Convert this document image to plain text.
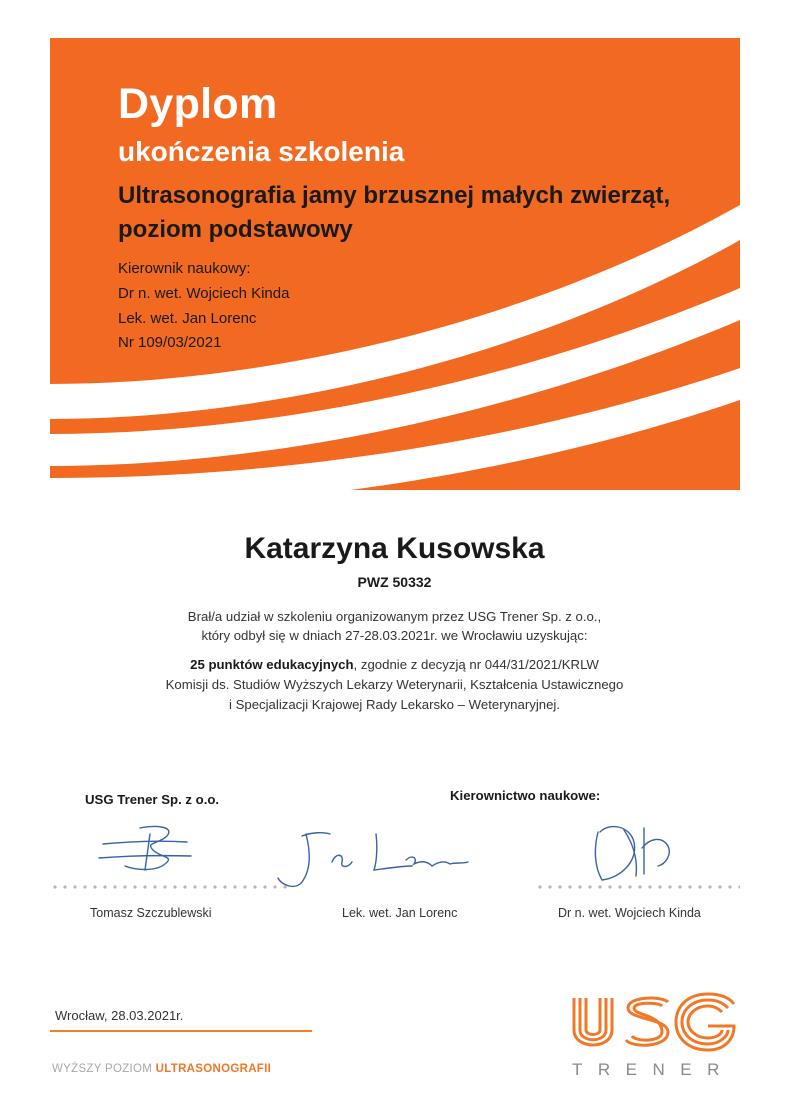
Dyplom
ukończenia szkolenia
Ultrasonografia jamy brzusznej małych zwierząt,
poziom podstawowy
Kierownik naukowy:
Dr n. wet. Wojciech Kinda
Lek. wet. Jan Lorenc
Nr 109/03/2021
Katarzyna Kusowska
PWZ 50332
Brał/a udział w szkoleniu organizowanym przez USG Trener Sp. z o.o.,
który odbył się w dniach 27-28.03.2021r. we Wrocławiu uzyskując:
25 punktów edukacyjnych, zgodnie z decyzją nr 044/31/2021/KRLW
Komisji ds. Studiów Wyższych Lekarzy Weterynarii, Kształcenia Ustawicznego
i Specjalizacji Krajowej Rady Lekarsko – Weterynaryjnej.
USG Trener Sp. z o.o.	Kierownictwo naukowe:
Tomasz Szczublewski	Lek. wet. Jan Lorenc	Dr n. wet. Wojciech Kinda
Wrocław, 28.03.2021r.
WYŻSZY POZIOM ULTRASONOGRAFII	TRENER
